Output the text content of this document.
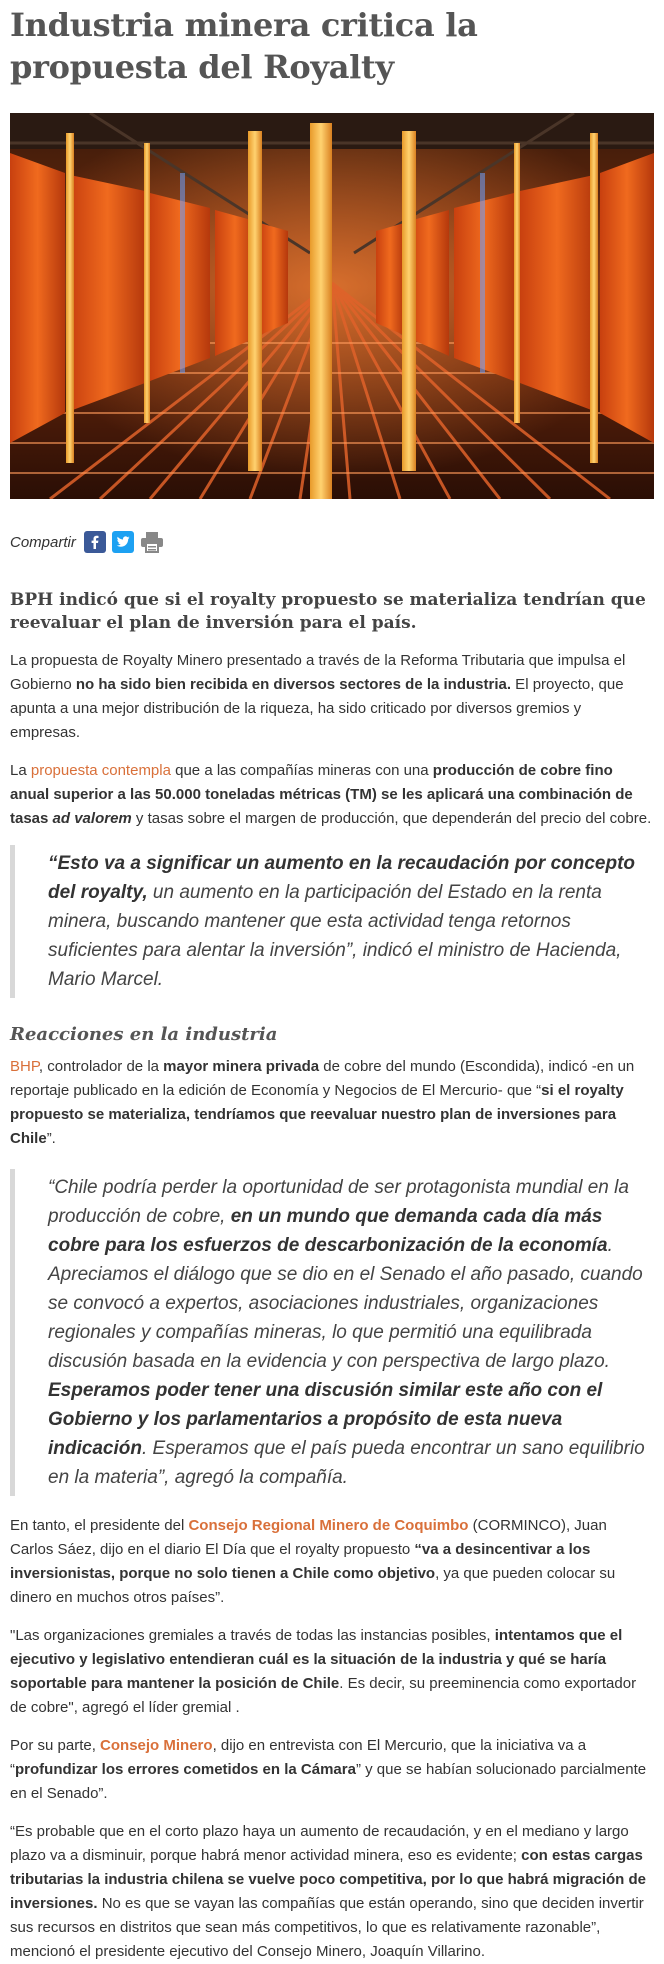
Industria minera critica la propuesta del Royalty
Compartir
BPH indicó que si el royalty propuesto se materializa tendrían que reevaluar el plan de inversión para el país.

La propuesta de Royalty Minero presentado a través de la Reforma Tributaria que impulsa el Gobierno no ha sido bien recibida en diversos sectores de la industria. El proyecto, que apunta a una mejor distribución de la riqueza, ha sido criticado por diversos gremios y empresas.

La propuesta contempla que a las compañías mineras con una producción de cobre fino anual superior a las 50.000 toneladas métricas (TM) se les aplicará una combinación de tasas ad valorem y tasas sobre el margen de producción, que dependerán del precio del cobre.

“Esto va a significar un aumento en la recaudación por concepto del royalty, un aumento en la participación del Estado en la renta minera, buscando mantener que esta actividad tenga retornos suficientes para alentar la inversión”, indicó el ministro de Hacienda, Mario Marcel.
Reacciones en la industria

BHP, controlador de la mayor minera privada de cobre del mundo (Escondida), indicó -en un reportaje publicado en la edición de Economía y Negocios de El Mercurio- que “si el royalty propuesto se materializa, tendríamos que reevaluar nuestro plan de inversiones para Chile”.

“Chile podría perder la oportunidad de ser protagonista mundial en la producción de cobre, en un mundo que demanda cada día más cobre para los esfuerzos de descarbonización de la economía. Apreciamos el diálogo que se dio en el Senado el año pasado, cuando se convocó a expertos, asociaciones industriales, organizaciones regionales y compañías mineras, lo que permitió una equilibrada discusión basada en la evidencia y con perspectiva de largo plazo. Esperamos poder tener una discusión similar este año con el Gobierno y los parlamentarios a propósito de esta nueva indicación. Esperamos que el país pueda encontrar un sano equilibrio en la materia”, agregó la compañía.

En tanto, el presidente del Consejo Regional Minero de Coquimbo (CORMINCO), Juan Carlos Sáez, dijo en el diario El Día que el royalty propuesto “va a desincentivar a los inversionistas, porque no solo tienen a Chile como objetivo, ya que pueden colocar su dinero en muchos otros países”.

"Las organizaciones gremiales a través de todas las instancias posibles, intentamos que el ejecutivo y legislativo entendieran cuál es la situación de la industria y qué se haría soportable para mantener la posición de Chile. Es decir, su preeminencia como exportador de cobre", agregó el líder gremial .

Por su parte, Consejo Minero, dijo en entrevista con El Mercurio, que la iniciativa va a “profundizar los errores cometidos en la Cámara” y que se habían solucionado parcialmente en el Senado”.

“Es probable que en el corto plazo haya un aumento de recaudación, y en el mediano y largo plazo va a disminuir, porque habrá menor actividad minera, eso es evidente; con estas cargas tributarias la industria chilena se vuelve poco competitiva, por lo que habrá migración de inversiones. No es que se vayan las compañías que están operando, sino que deciden invertir sus recursos en distritos que sean más competitivos, lo que es relativamente razonable”, mencionó el presidente ejecutivo del Consejo Minero, Joaquín Villarino.
